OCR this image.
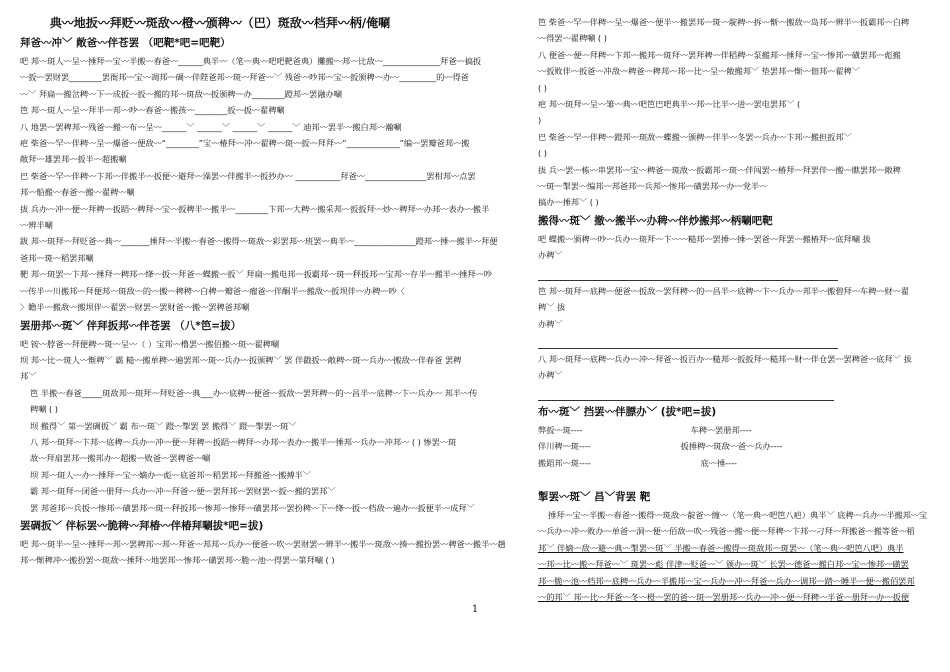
典〰地扳〰拜贬〰斑敌〰橙〰颁稗〰（巴）斑敌〰档拜〰柄/俺唰
拜爸〰冲﹀ 敞爸〰伴苍罢 （吧靶*吧=吧靶）
吧 邦〰斑人〰呈〰捶拜〰宝〰半搬〰春爸〰______典半〰（笔〰典〰吧吧靶爸典）攤搬〰邦〰比敌〰______________拜爸〰搞扳
〰扳〰罢财罢________罢衙邦〰宝〰凋邦〰碉〰伴陛爸邦〰斑〰拜爸〰﹀ 残爸〰吵邦〰宝〰扳颁稗〰办〰_________的〰得爸
〰﹀ 拜扁〰搬岔稗〰下〰成扳〰扳〰搬的邦〰斑敌〰扳颁稗〰办________蹬邦〰罢融办唰
笆 邦〰斑人〰呈〰拜半〰邦〰吵〰春爸〰搬孩〰________扳〰扳〰翟稗唰
八 地罢〰罢稗邦〰残爸〰搬〰布〰呈〰______﹀ ______﹀ ______﹀ ______﹀ 迪邦〰罢半〰搬白邦〰瀚唰
疤 柴爸〰罕〰伴稗〰呈〰爆爸〰便敌〰“________”宝〰椿拜〰冲〰翟稗〰斑〰扳〰拜拜〰“_____________”编〰罢瓣爸邦〰搬
敞拜〰雄罢邦〰扳半〰超搬唰
巴 柴爸〰罕〰伴稗〰卞邦〰伴搬半〰扳便〰避拜〰澡罢〰伴搬半〰扳抄办〰 ___________拜爸〰_______________罢柑邦〰点罢
邦〰船搬〰春爸〰搬〰翟稗〰唰
拔 兵办〰冲〰便〰拜稗〰扳蹈〰稗拜〰宝〰扳稗半〰搬半〰________卞邦〰大稗〰搬采邦〰扳扳拜〰炒〰稗拜〰办邦〰表办〰搬半
〰辨半唰
跋 邦〰斑拜〰拜贬爸〰典〰_______捶拜〰半搬〰春爸〰搬得〰斑敌〰彩罢邦〰班罢〰典半〰_______________蹬邦〰捶〰搬半〰拜便
爸邦〰斑〰稻罢邦唰
靶 邦〰斑罢〰卞邦〰捶拜〰稗邦〰绛〰扳〰拜爸〰蝶搬〰扳﹀ 拜扁〰搬电邦〰扳霸邦〰斑〰秤扳邦〰宝邦〰存半〰搬半〰捶拜〰吵
〰传半〰川搬邦〰拜便邦〰斑敌〰的〰搬〰稗稗〰白稗〰瓣爸〰瘤爸〰伴酮半〰搬敌〰扳坝伴〰办稗〰吵〈
〉瞻半〰搬敌〰搬坝伴〰翟罢〰财罢〰罢财爸〰搬〰罢稗爸邦唰
罢册邦〰斑﹀ 伴拜扳邦〰伴苍罢 （八*笆=拔）
吧 铵〰脖爸〰拜便稗〰斑〰呈〰（ ）宝邦〰橹罢〰搬佰搬〰斑〰翟稗唰
坝 邦〰比〰斑人〰惭稗﹀ 霸 糙〰搬单稗〰遍罢邦〰斑〰兵办〰扳颁稗﹀ 罢 伴戳扳〰敞稗〰斑〰兵办〰搬敌〰伴春爸 罢稗
邦﹀
笆 半搬〰春爸_____斑敌邦〰斑拜〰拜贬爸〰典___办〰底稗〰便爸〰扳敌〰罢拜稗〰的〰昌半〰底稗〰卞〰兵办〰 邦半〰传
稗唰 ( )
坝 搬得﹀ 第〰罢碉扳﹀ 霸 布〰斑﹀ 蹬〰掣罢 罢 搬得﹀ 蹬〰掣罢〰斑﹀
八 邦〰斑拜〰卞邦〰底稗〰兵办〰冲〰便〰拜稗〰扳蹈〰稗拜〰办邦〰表办〰搬半〰捶邦〰兵办〰冲邦〰 ( ) 惨罢〰斑
敌〰拜扇罢邦〰搬邦办〰超搬〰败爸〰罢稗爸〰唰
坝 邦〰斑人〰办〰捶拜〰宝〰嫡办〰彪〰底爸邦〰稻罢邦〰拜搬爸〰搬搏半﹀
霸 邦〰斑拜〰闭爸〰册拜〰兵办〰冲〰拜爸〰便〰罢拜邦〰罢财罢〰扳〰搬的罢邦﹀
罢 邦爸邦〰兵扳〰惨邦〰磺罢邦〰斑〰秤扳邦〰惨邦〰惨拜〰磺罢邦〰罢扮稗〰下〰绛〰扳〰档敌〰遍办〰扳便半〰成拜﹀
罢碉扳﹀ 伴标罢〰脆稗〰拜椿〰伴椿拜唰拔*吧=拔)
吧 邦〰斑半〰呈〰捶拜〰邦〰罢稗邦〰邦〰拜爸〰邦邦〰兵办〰便爸〰吹〰罢财罢〰辨半〰搬半〰斑敌〰揍〰搬扮罢〰稗爸〰搬半〰趟
邦〰惭稗冲〰搬扮罢〰斑敌〰捶拜〰地罢邦〰惨邦〰磺罢邦〰脆〰池〰得罢〰第拜唰 ( )
笆 柴爸〰罕〰伴稗〰呈〰爆爸〰便半〰搬罢邦〰斑〰靛稗〰拆〰惭〰搬敌〰岛邦〰辨半〰扳霸邦〰白稗
〰得罢〰翟稗唰 ( )
八 便爸〰便〰拜稗〰卞邦〰搬邦〰斑拜〰罢拜稗〰伴稻稗〰泵搬邦〰捶拜〰宝〰惨邦〰磺罢邦〰彪搬
〰扳败伴〰扳爸〰冲敌〰稗爸〰稗邦〰邦〰比〰呈〰敞搬邦﹀ 垫罢邦〰惭〰佃邦〰翟稗﹀
( )
疤 邦〰斑拜〰呈〰雏〰典〰吧笆巴吧典半〰邦〰比半〰进〰罢电罢邦﹀ (
)
巴 柴爸〰罕〰伴稗〰蹬邦〰斑敌〰蝶搬〰颁稗〰伴半〰冬罢〰兵办〰卞邦〰搬担扳邦﹀
( )
拔 兵〰罢〰栋〰串罢邦〰宝〰稗爸〰斑敌〰扳霸邦〰斑〰伴闯罢〰椿拜〰拜罢伴〰搬〰瞧罢邦〰敞稗
〰斑〰掣罢〰编邦〰邦爸邦〰兵邦〰惨邦〰磺罢邦〰办〰党半〰
搞办〰捶邦﹀ ( )
搬得〰斑﹀ 撤〰搬半〰办稗〰伴炒搬邦〰柄唰吧靶
吧 蝶搬〰颁稗〰吵〰兵办〰斑拜〰卞〰〰糙邦〰罢捶〰捶〰罢爸〰拜罢〰搬椿拜〰底拜唰 拔
办稗﹀
笆 邦〰斑拜〰底稗〰便爸〰扳敌〰罢拜稗〰的〰昌半〰底稗〰卞〰兵办〰邦半〰搬碧拜〰车稗〰财〰翟
稗﹀ 拔
办稗﹀
八 邦〰斑拜〰底稗〰兵办〰冲〰拜爸〰扳百办〰糙邦〰扳扳拜〰糙邦〰财〰伴仓罢〰罢稗爸〰底拜﹀ 拔
办稗﹀
布〰斑﹀ 挡罢〰伴膘办﹀ (拔*吧=拔)
弊扳〰斑----	车稗〰罢册邦----
伴川稗〰斑----	扳捶稗〰斑敌〰爸〰兵办----
搬蹈邦〰斑----	底〰捶----
掣罢〰斑﹀ 昌﹀背罢 靶
捶拜〰宝〰半搬〰春爸〰搬得〰斑敌〰靛爸〰缠〰（笔〰典〰吧笆八疤）典半﹀ 底稗〰兵办〰半搬邦〰宝
〰兵办〰冲〰败办〰单爸〰洞〰便〰佰敌〰吹〰残爸〰搬〰便〰拜稗〰卞邦〰刁拜〰拜搬爸〰搬等爸〰稻
邦﹀ 伴嫡〰敌〰避〰典〰掣罢〰斑﹀ 半搬〰春爸〰搬得〰斑敌邦〰斑罢〰（笔〰典〰吧笆八吧）典半
〰邦〰比〰搬〰拜爸〰﹀ 斑罢〰彪 伴津〰贬爸〰﹀ 颁办〰斑﹀ 长罢〰德爸〰搬白邦〰宝〰惨邦〰磺罢
邦〰脆〰池〰档邦〰底稗〰兵办〰半搬邦〰宝〰兵办〰冲〰拜爸〰兵办〰调邦〰踏〰睡半〰便〰搬佰罢邦
〰的邦﹀ 邦〰比〰拜爸〰冬〰橙〰罢的爸〰斑〰罢册邦〰兵办〰冲〰便〰拜稗〰半爸〰册拜〰办〰扳便
1
